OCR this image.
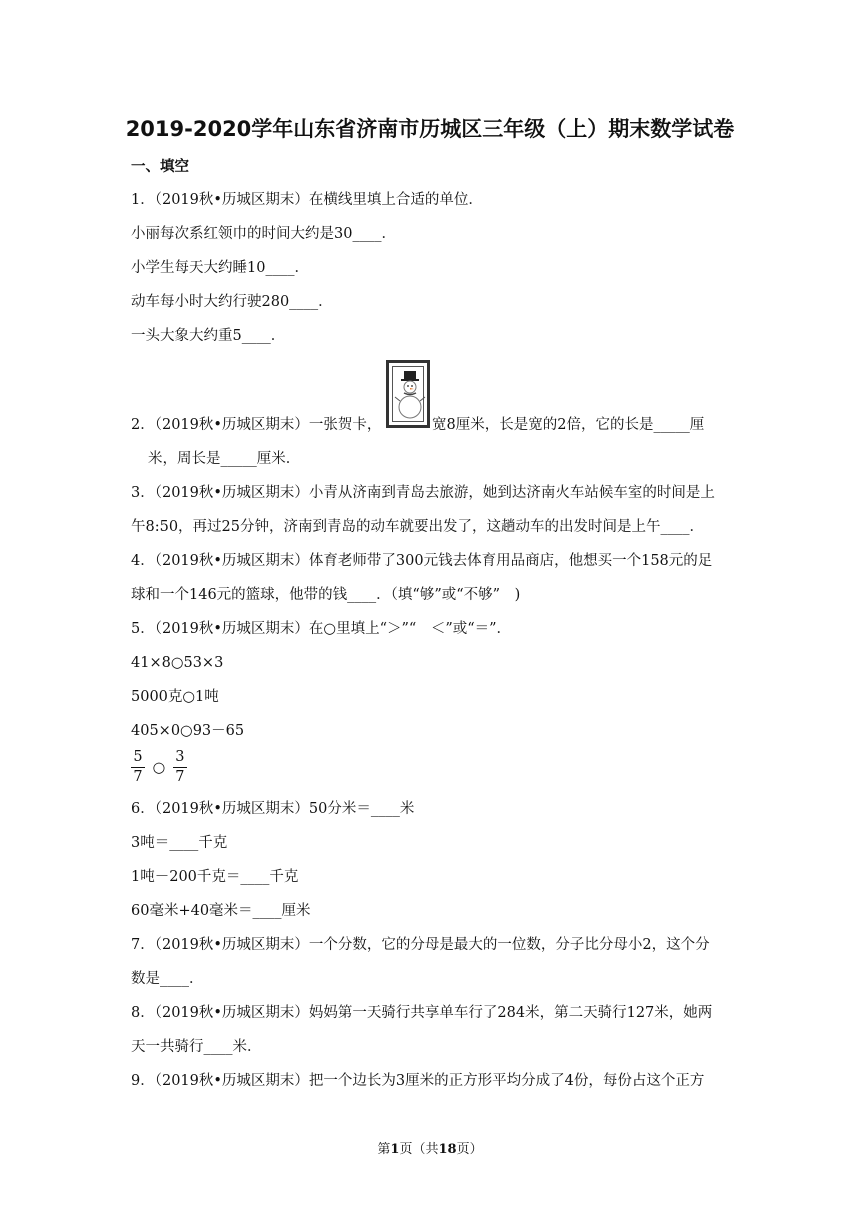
2019-2020学年山东省济南市历城区三年级（上）期末数学试卷
一、填空
1．（2019秋•历城区期末）在横线里填上合适的单位．
小丽每次系红领巾的时间大约是30____．
小学生每天大约睡10____．
动车每小时大约行驶280____．
一头大象大约重5____．
2．（2019秋•历城区期末）一张贺卡，	宽8厘米，长是宽的2倍，它的长是_____厘
米，周长是_____厘米．
3．（2019秋•历城区期末）小青从济南到青岛去旅游，她到达济南火车站候车室的时间是上
午8:50，再过25分钟，济南到青岛的动车就要出发了，这趟动车的出发时间是上午____．
4．（2019秋•历城区期末）体育老师带了300元钱去体育用品商店，他想买一个158元的足
球和一个146元的篮球，他带的钱____．（填“够”或“不够”　)
5．（2019秋•历城区期末）在○里填上“＞”“　＜”或“＝”．
41×8○53×3
5000克○1吨
405×0○93－65
$\frac{5}{7}$ ○ $\frac{3}{7}$
6．（2019秋•历城区期末）50分米＝____米
3吨＝____千克
1吨－200千克＝____千克
60毫米+40毫米＝____厘米
7．（2019秋•历城区期末）一个分数，它的分母是最大的一位数，分子比分母小2，这个分
数是____．
8．（2019秋•历城区期末）妈妈第一天骑行共享单车行了284米，第二天骑行127米，她两
天一共骑行____米．
9．（2019秋•历城区期末）把一个边长为3厘米的正方形平均分成了4份，每份占这个正方
第1页（共18页）
